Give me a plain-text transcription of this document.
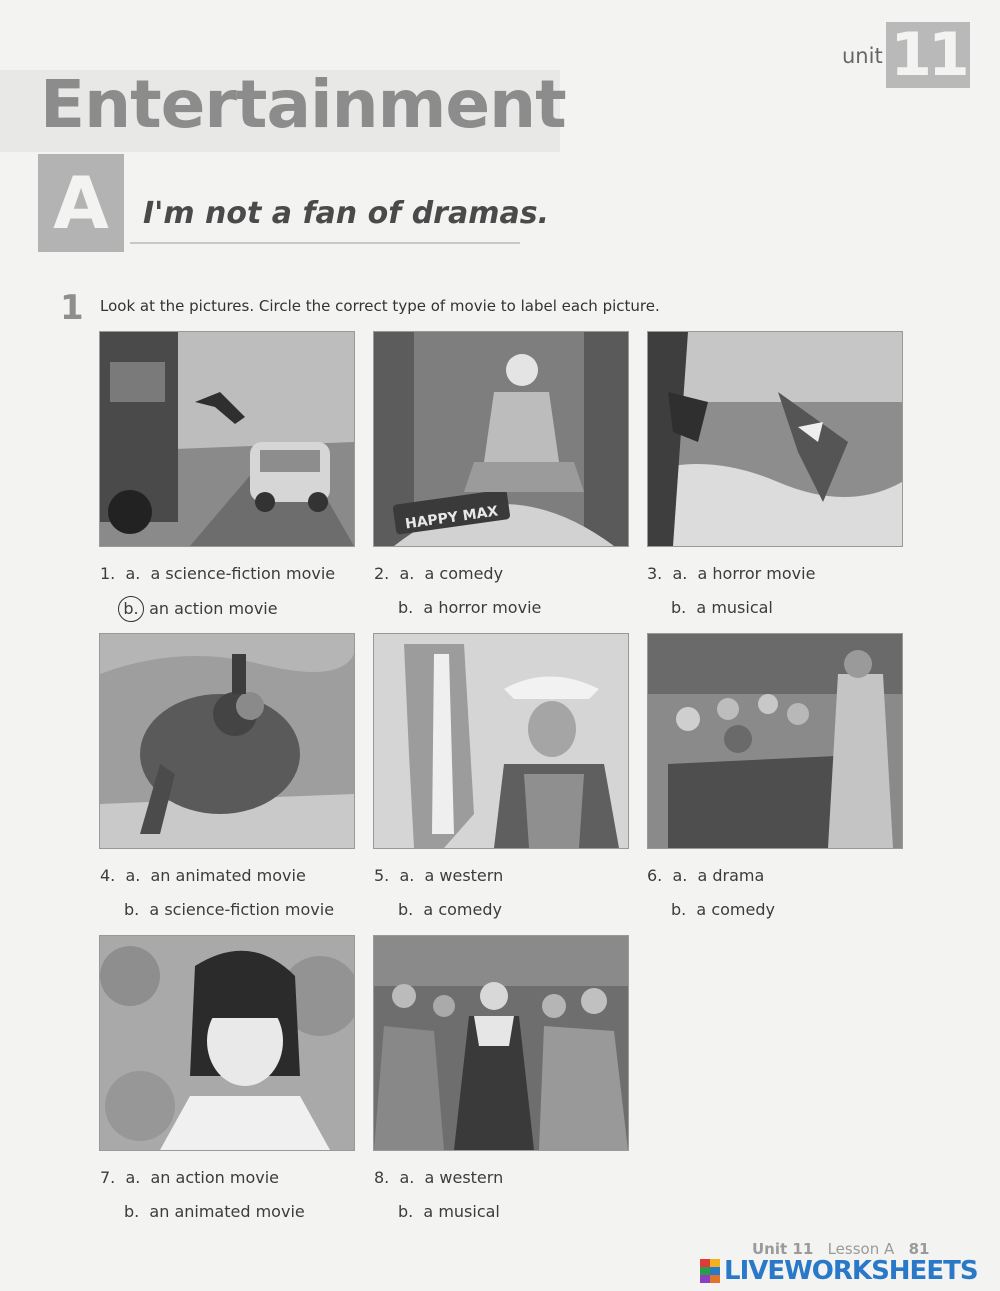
unit 11
Entertainment
A	I'm not a fan of dramas.
1 Look at the pictures. Circle the correct type of movie to label each picture.
HAPPY MAX
1. a. a science-fiction movie
b. an action movie
2. a. a comedy
b. a horror movie
3. a. a horror movie
b. a musical
4. a. an animated movie
b. a science-fiction movie
5. a. a western
b. a comedy
6. a. a drama
b. a comedy
7. a. an action movie
b. an animated movie
8. a. a western
b. a musical
Unit 11 Lesson A 81
LIVEWORKSHEETS
